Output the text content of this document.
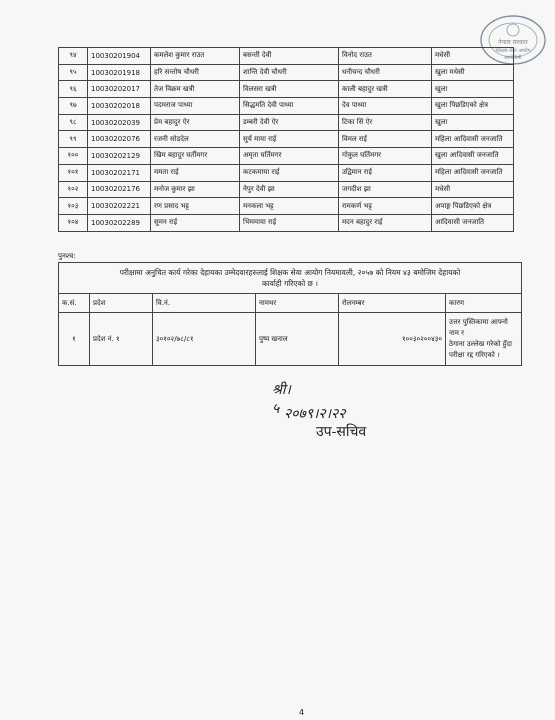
नेपाल सरकार
शिक्षक सेवा आयोग
सानोठिमी
९४	10030201904	कमलेश कुमार राउत	बसन्ती देवी	विनोद राउत	मधेसी
९५	10030201918	हरि सन्तोष चौधरी	शान्ति देवी चौधरी	धनीचन्द चौधरी	खुला मधेसी
९६	10030202017	तेज विक्रम खत्री	विलसरा खत्री	काली बहादुर खत्री	खुला
९७	10030202018	पदमराज पाध्या	सिद्धमति देवी पाध्या	देव पाध्या	खुला पिछडिएको क्षेत्र
९८	10030202039	प्रेम बहादुर ऐर	डम्बरी देवी ऐर	टिका सिं ऐर	खुला
९९	10030202076	रजनी सोडदेल	सुर्य माया राई	विमल राई	महिला आदिवासी जनजाति
१००	10030202129	खिम बहादुर घर्तीमगर	अमृता घर्तिमगर	गोकुल घर्तिमगर	खुला आदिवासी जनजाति
१०१	10030202171	ममता राई	कटकमाया राई	उद्विमान राई	महिला आदिवासी जनजाति
१०२	10030202176	मनोज कुमार झा	नेपुर देवी झा	जगदीश झा	मधेसी
१०३	10030202221	रण प्रसाद भट्ट	मनकला भट्ट	रामकर्ण भट्ट	अपाङ्ग पिछडिएको क्षेत्र
१०४	10030202289	सुमन राई	भिममाया राई	मदन बहादुर राई	आदिवासी जनजाति
पुनश्च:
परीक्षामा अनुचित कार्य गरेका देहायका उम्मेदवारहरुलाई शिक्षक सेवा आयोग नियमावली, २०५७ को नियम ४३ बमोजिम देहायको
कार्वाही गरिएको छ ।					

क.सं.	प्रदेश	वि.नं.	नामथर	रोलनम्बर	कारण
१	प्रदेश नं. १	३०१०२/७८/८१	पुष्प खनाल	१००३०२००४३०	उत्तर पुस्तिकामा आफ्नो नाम र
ठेगाना उल्लेख गरेको हुँदा
परीक्षा रद्द गरिएको ।
श्री।५ २०७९।२।२२
उप-सचिव
4
